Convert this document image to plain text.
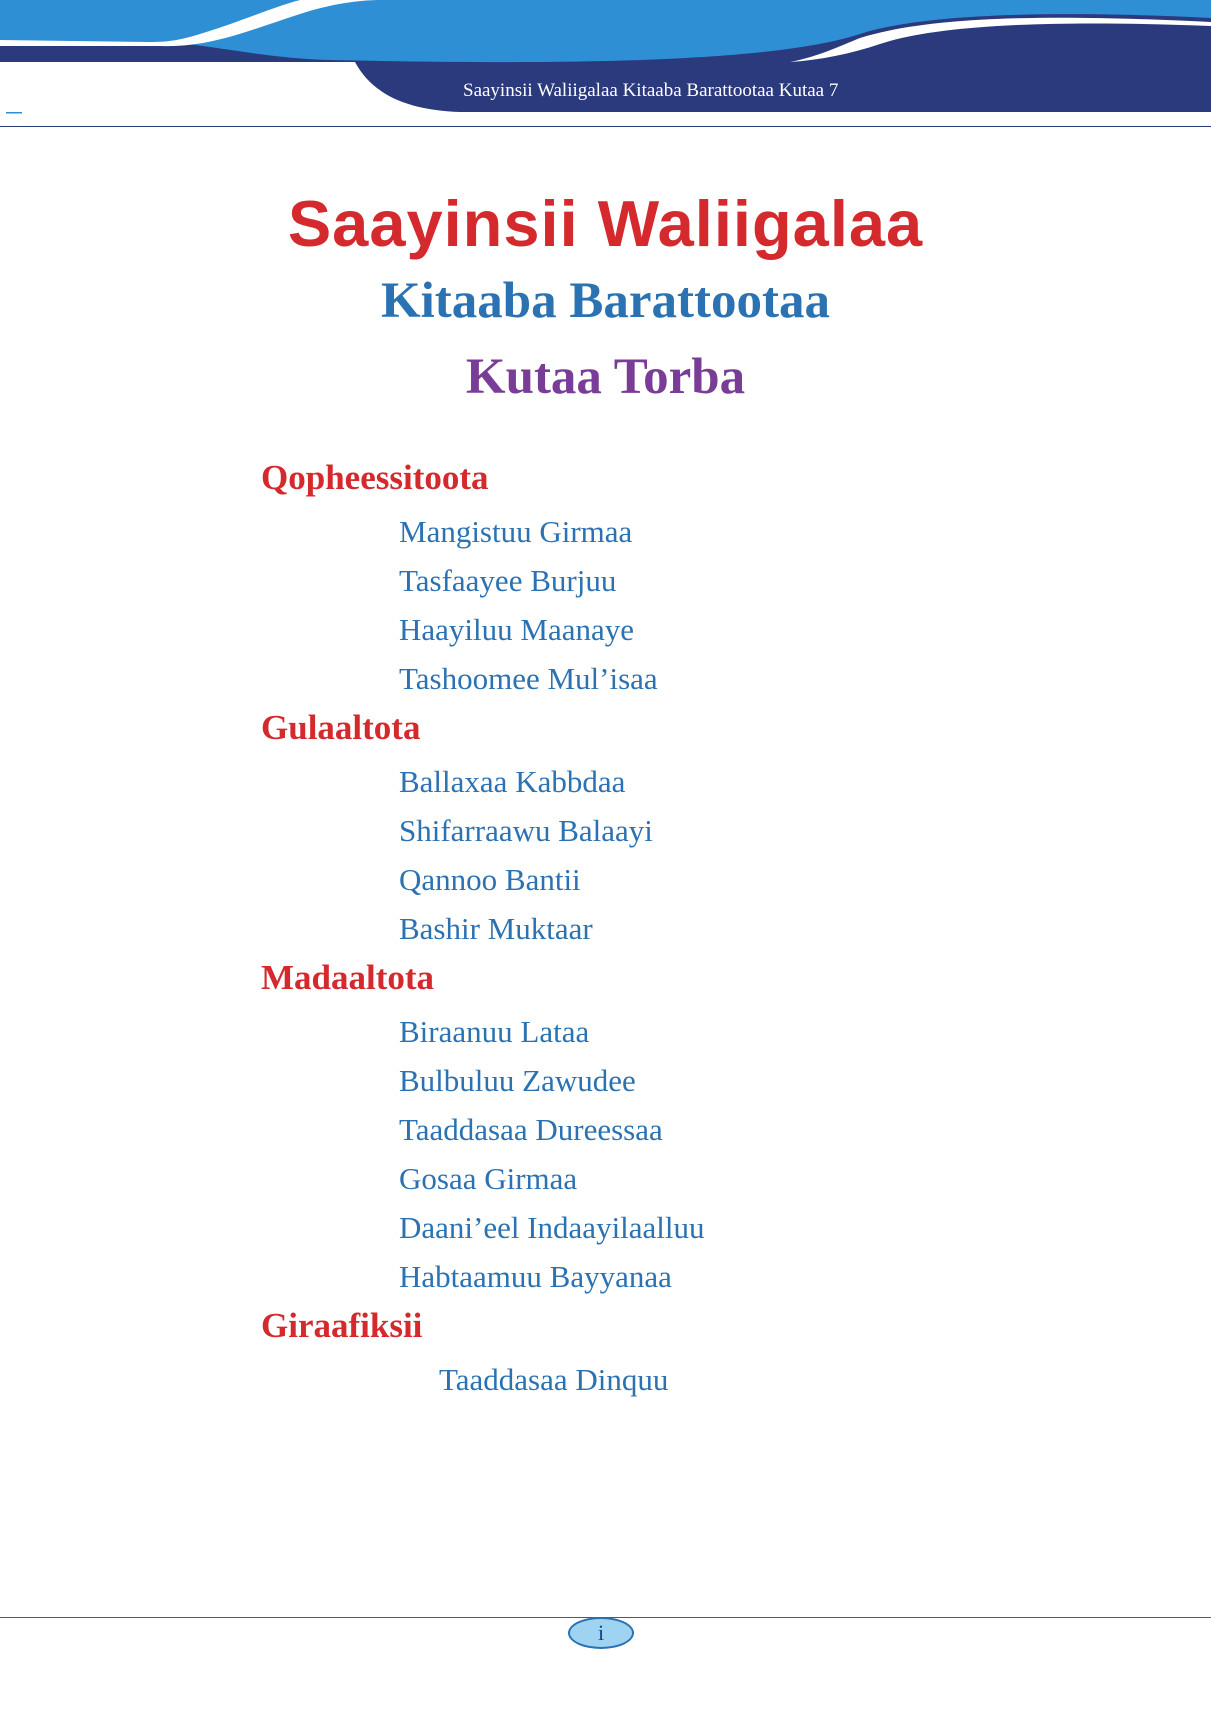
Saayinsii Waliigalaa Kitaaba Barattootaa Kutaa 7
Saayinsii Waliigalaa
Kitaaba Barattootaa
Kutaa Torba
Qopheessitoota
Mangistuu Girmaa
Tasfaayee Burjuu
Haayiluu Maanaye
Tashoomee Mul’isaa
Gulaaltota
Ballaxaa Kabbdaa
Shifarraawu Balaayi
Qannoo Bantii
Bashir Muktaar
Madaaltota
Biraanuu Lataa
Bulbuluu Zawudee
Taaddasaa Dureessaa
Gosaa Girmaa
Daani’eel Indaayilaalluu
Habtaamuu Bayyanaa
Giraafiksii
Taaddasaa Dinquu
i
